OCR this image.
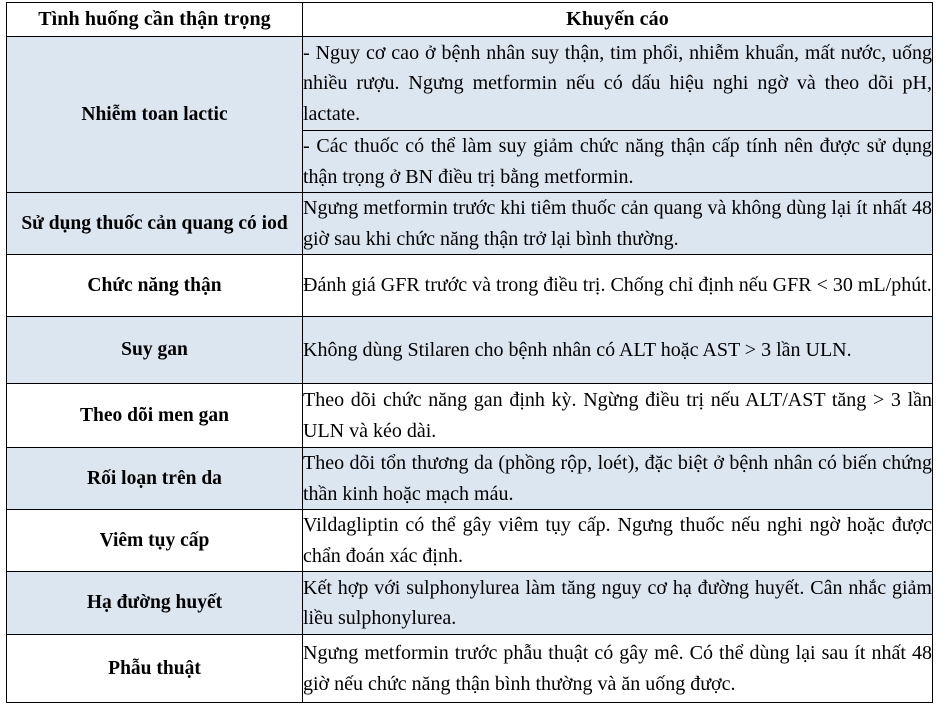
Tình huống cần thận trọng	Khuyến cáo
Nhiễm toan lactic	- Nguy cơ cao ở bệnh nhân suy thận, tim phổi, nhiễm khuẩn, mất nước, uống nhiều rượu. Ngưng metformin nếu có dấu hiệu nghi ngờ và theo dõi pH, lactate.
	- Các thuốc có thể làm suy giảm chức năng thận cấp tính nên được sử dụng thận trọng ở BN điều trị bằng metformin.
Sử dụng thuốc cản quang có iod	Ngưng metformin trước khi tiêm thuốc cản quang và không dùng lại ít nhất 48 giờ sau khi chức năng thận trở lại bình thường.
Chức năng thận	Đánh giá GFR trước và trong điều trị. Chống chỉ định nếu GFR < 30 mL/phút.
Suy gan	Không dùng Stilaren cho bệnh nhân có ALT hoặc AST > 3 lần ULN.
Theo dõi men gan	Theo dõi chức năng gan định kỳ. Ngừng điều trị nếu ALT/AST tăng > 3 lần ULN và kéo dài.
Rối loạn trên da	Theo dõi tổn thương da (phồng rộp, loét), đặc biệt ở bệnh nhân có biến chứng thần kinh hoặc mạch máu.
Viêm tụy cấp	Vildagliptin có thể gây viêm tụy cấp. Ngưng thuốc nếu nghi ngờ hoặc được chẩn đoán xác định.
Hạ đường huyết	Kết hợp với sulphonylurea làm tăng nguy cơ hạ đường huyết. Cân nhắc giảm liều sulphonylurea.
Phẫu thuật	Ngưng metformin trước phẫu thuật có gây mê. Có thể dùng lại sau ít nhất 48 giờ nếu chức năng thận bình thường và ăn uống được.
